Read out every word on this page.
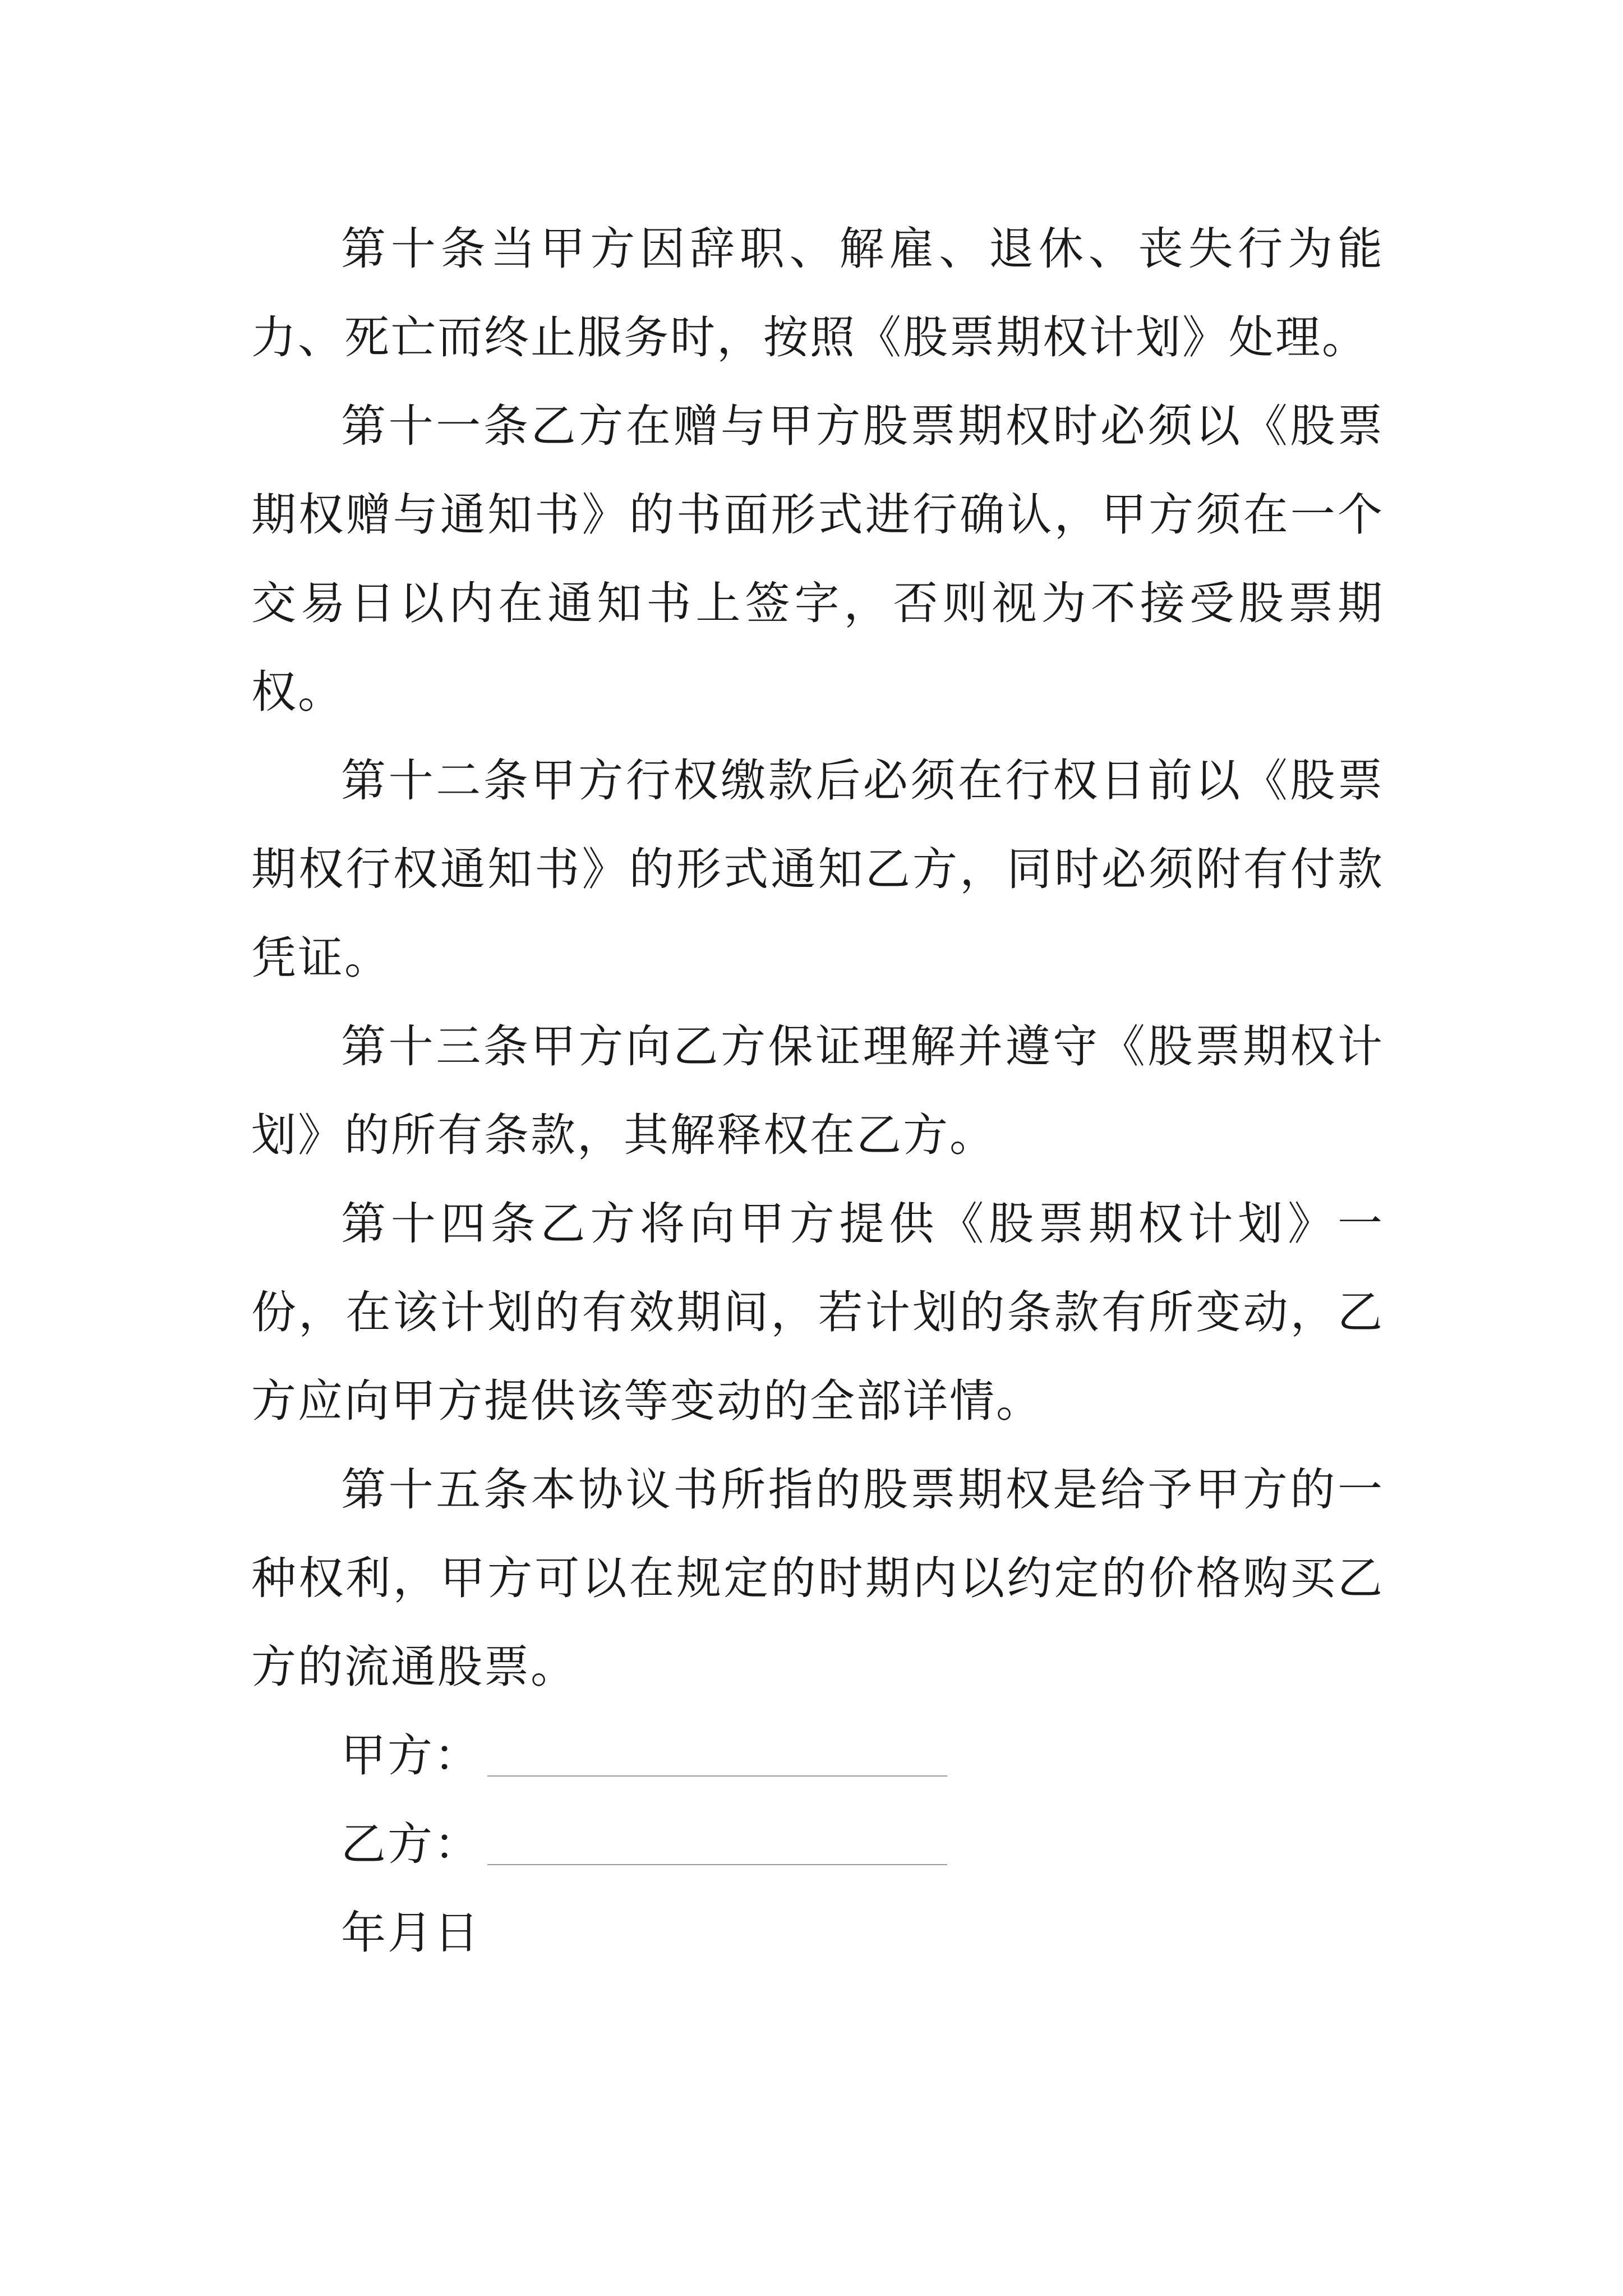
第十条当甲方因辞职、解雇、退休、丧失行为能力、死亡而终止服务时，按照《股票期权计划》处理。

第十一条乙方在赠与甲方股票期权时必须以《股票期权赠与通知书》的书面形式进行确认，甲方须在一个交易日以内在通知书上签字，否则视为不接受股票期权。

第十二条甲方行权缴款后必须在行权日前以《股票期权行权通知书》的形式通知乙方，同时必须附有付款凭证。

第十三条甲方向乙方保证理解并遵守《股票期权计划》的所有条款，其解释权在乙方。

第十四条乙方将向甲方提供《股票期权计划》一份，在该计划的有效期间，若计划的条款有所变动，乙方应向甲方提供该等变动的全部详情。

第十五条本协议书所指的股票期权是给予甲方的一种权利，甲方可以在规定的时期内以约定的价格购买乙方的流通股票。

甲方：

乙方：

年月日
